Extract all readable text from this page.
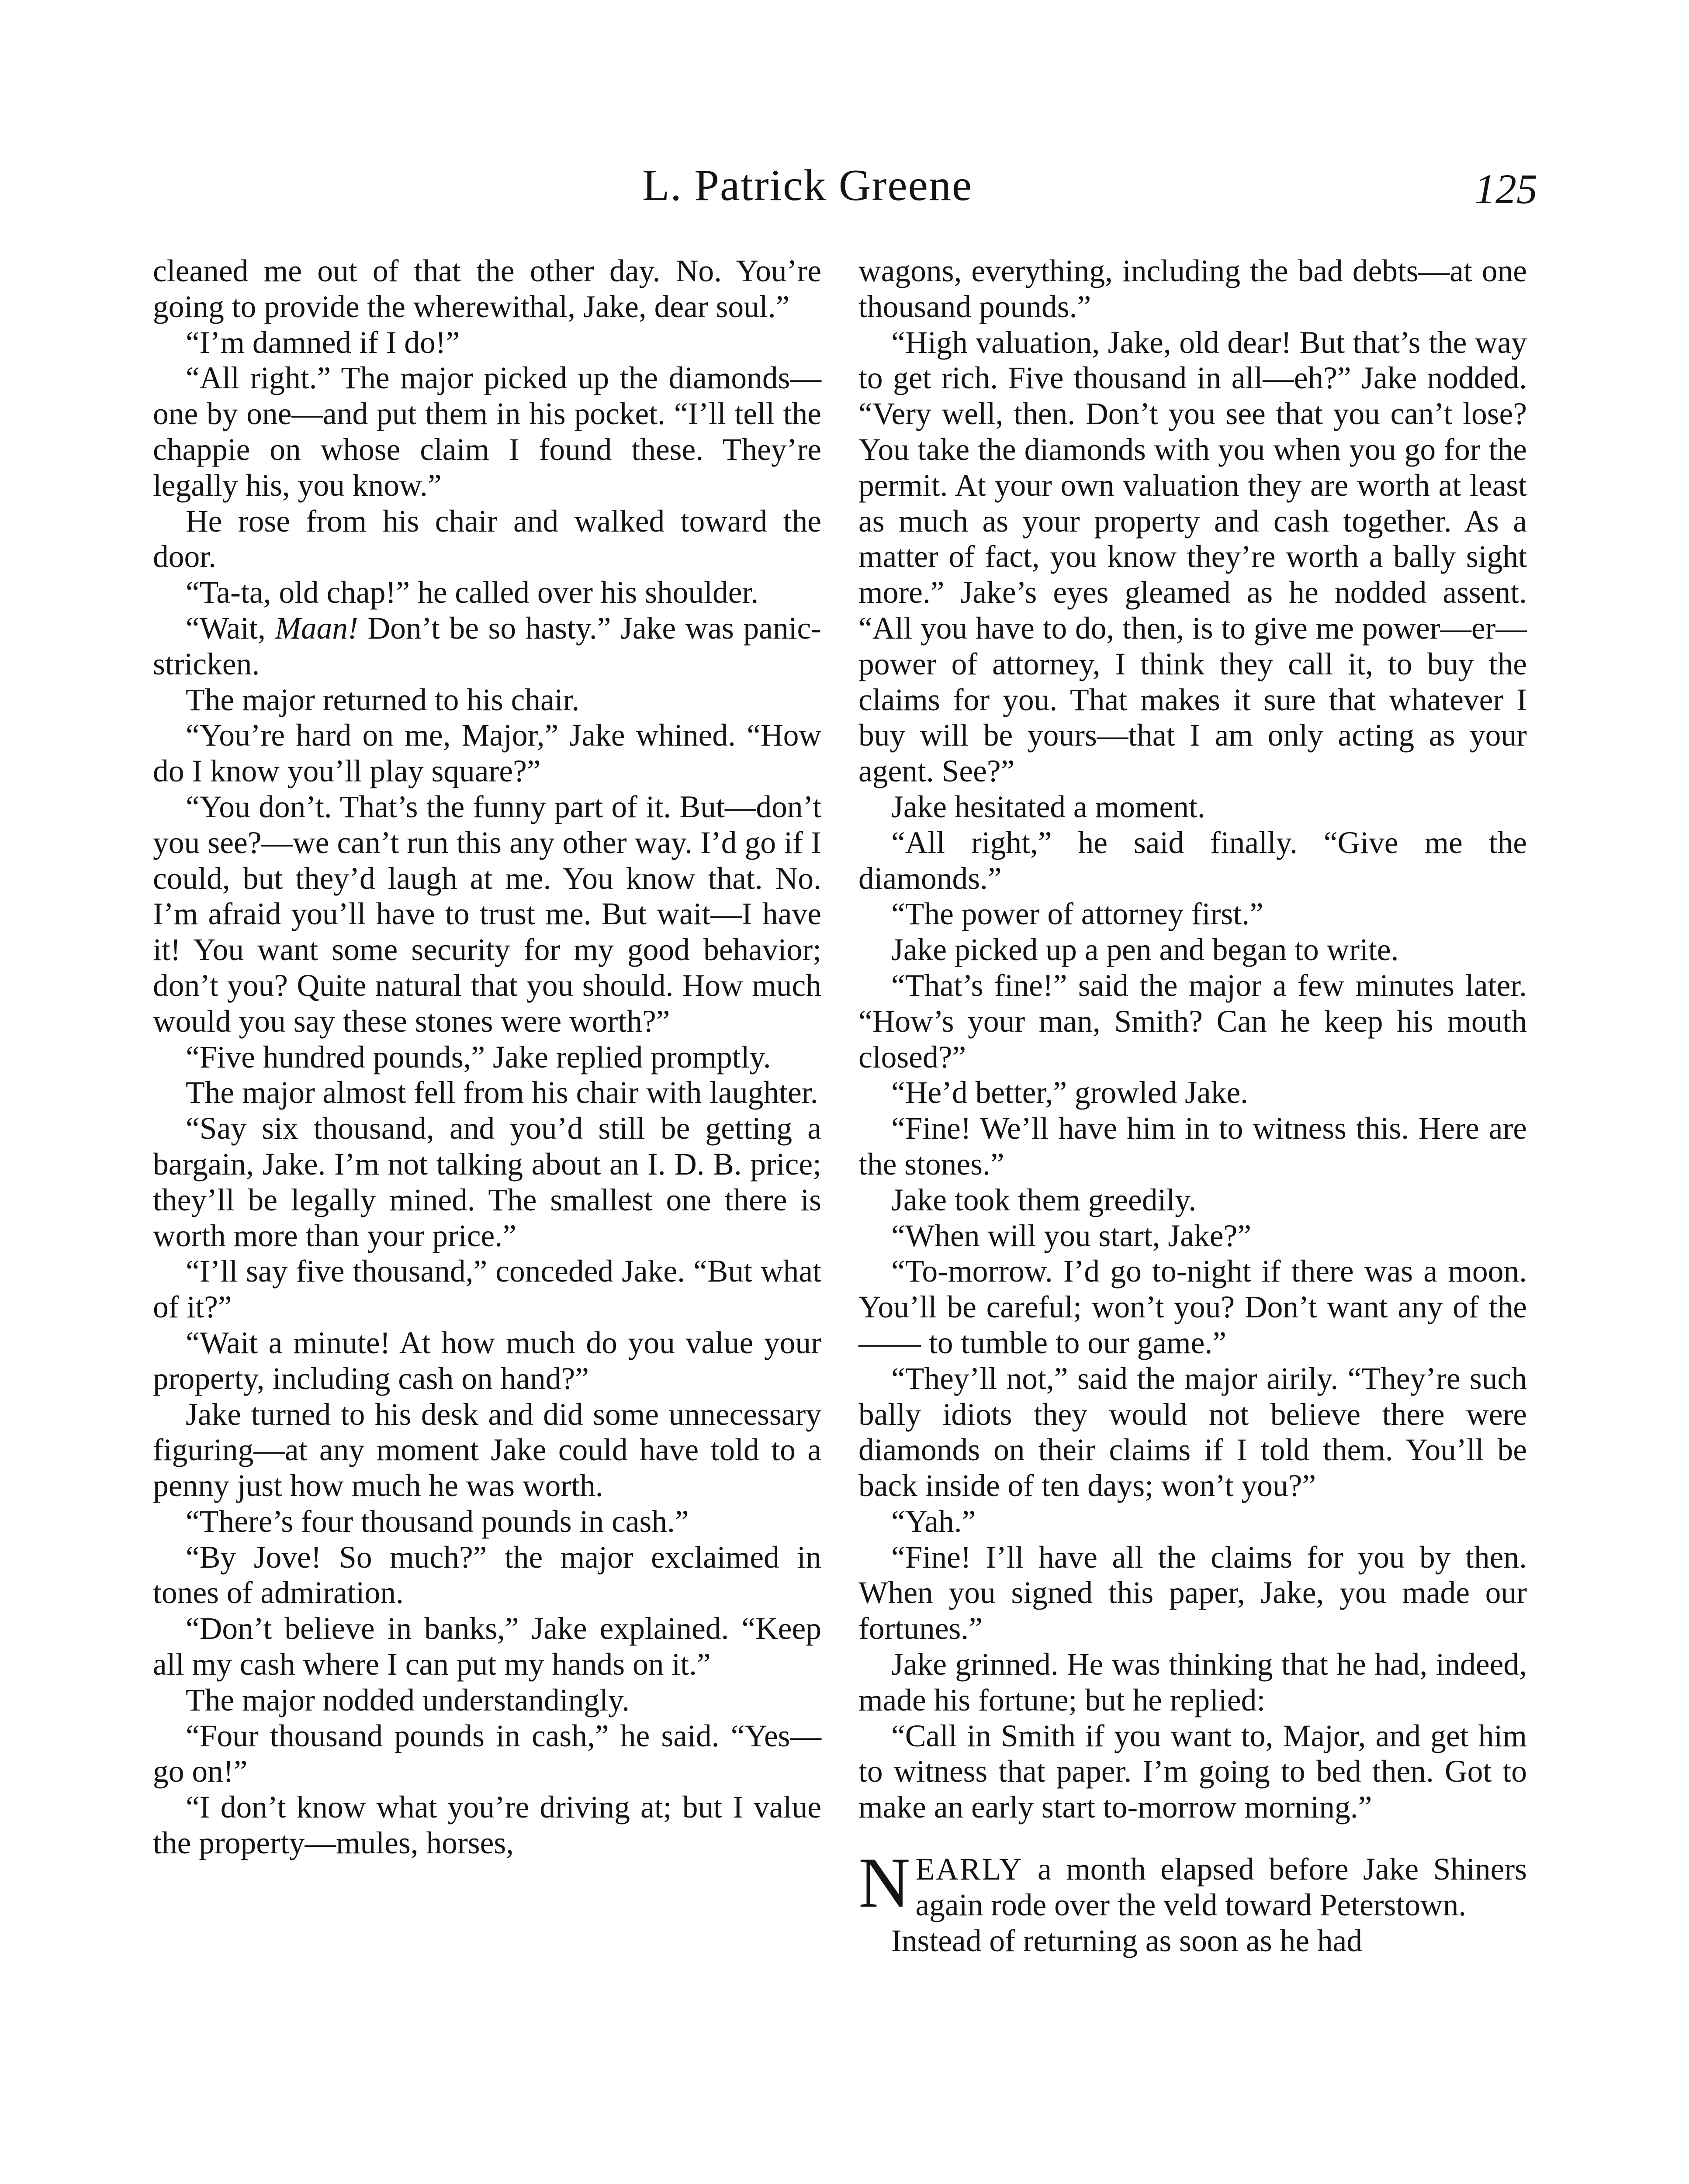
L. Patrick Greene	125

cleaned me out of that the other day. No. You’re going to provide the wherewithal, Jake, dear soul.”

“I’m damned if I do!”

“All right.” The major picked up the diamonds—one by one—and put them in his pocket. “I’ll tell the chappie on whose claim I found these. They’re legally his, you know.”

He rose from his chair and walked toward the door.

“Ta-ta, old chap!” he called over his shoulder.

“Wait, Maan! Don’t be so hasty.” Jake was panic-stricken.

The major returned to his chair.

“You’re hard on me, Major,” Jake whined. “How do I know you’ll play square?”

“You don’t. That’s the funny part of it. But—don’t you see?—we can’t run this any other way. I’d go if I could, but they’d laugh at me. You know that. No. I’m afraid you’ll have to trust me. But wait—I have it! You want some security for my good behavior; don’t you? Quite natural that you should. How much would you say these stones were worth?”

“Five hundred pounds,” Jake replied promptly.

The major almost fell from his chair with laughter.

“Say six thousand, and you’d still be getting a bargain, Jake. I’m not talking about an I. D. B. price; they’ll be legally mined. The smallest one there is worth more than your price.”

“I’ll say five thousand,” conceded Jake. “But what of it?”

“Wait a minute! At how much do you value your property, including cash on hand?”

Jake turned to his desk and did some unnecessary figuring—at any moment Jake could have told to a penny just how much he was worth.

“There’s four thousand pounds in cash.”

“By Jove! So much?” the major exclaimed in tones of admiration.

“Don’t believe in banks,” Jake explained. “Keep all my cash where I can put my hands on it.”

The major nodded understandingly.

“Four thousand pounds in cash,” he said. “Yes—go on!”

“I don’t know what you’re driving at; but I value the property—mules, horses,

wagons, everything, including the bad debts—at one thousand pounds.”

“High valuation, Jake, old dear! But that’s the way to get rich. Five thousand in all—eh?” Jake nodded. “Very well, then. Don’t you see that you can’t lose? You take the diamonds with you when you go for the permit. At your own valuation they are worth at least as much as your property and cash together. As a matter of fact, you know they’re worth a bally sight more.” Jake’s eyes gleamed as he nodded assent. “All you have to do, then, is to give me power—er—power of attorney, I think they call it, to buy the claims for you. That makes it sure that whatever I buy will be yours—that I am only acting as your agent. See?”

Jake hesitated a moment.

“All right,” he said finally. “Give me the diamonds.”

“The power of attorney first.”

Jake picked up a pen and began to write.

“That’s fine!” said the major a few minutes later. “How’s your man, Smith? Can he keep his mouth closed?”

“He’d better,” growled Jake.

“Fine! We’ll have him in to witness this. Here are the stones.”

Jake took them greedily.

“When will you start, Jake?”

“To-morrow. I’d go to-night if there was a moon. You’ll be careful; won’t you? Don’t want any of the —— to tumble to our game.”

“They’ll not,” said the major airily. “They’re such bally idiots they would not believe there were diamonds on their claims if I told them. You’ll be back inside of ten days; won’t you?”

“Yah.”

“Fine! I’ll have all the claims for you by then. When you signed this paper, Jake, you made our fortunes.”

Jake grinned. He was thinking that he had, indeed, made his fortune; but he replied:

“Call in Smith if you want to, Major, and get him to witness that paper. I’m going to bed then. Got to make an early start to-morrow morning.”

NEARLY a month elapsed before Jake Shiners again rode over the veld toward Peterstown.

Instead of returning as soon as he had
